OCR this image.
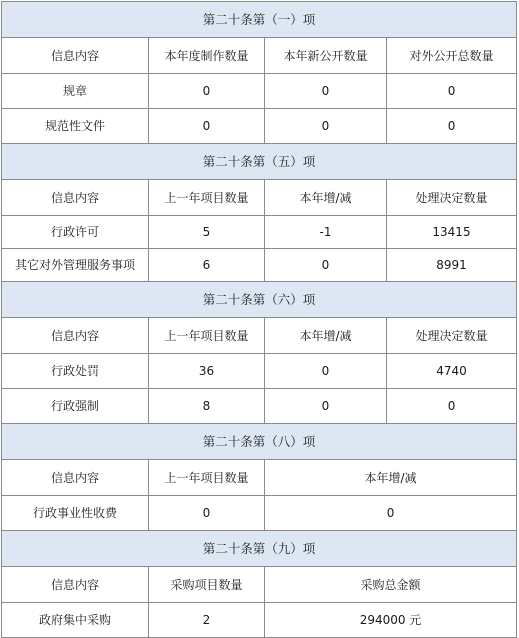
第二十条第（一）项			
信息内容	本年度制作数量	本年新公开数量	对外公开总数量
规章	0	0	0
规范性文件	0	0	0
第二十条第（五）项			
信息内容	上一年项目数量	本年增/减	处理决定数量
行政许可	5	-1	13415
其它对外管理服务事项	6	0	8991
第二十条第（六）项			
信息内容	上一年项目数量	本年增/减	处理决定数量
行政处罚	36	0	4740
行政强制	8	0	0
第二十条第（八）项			
信息内容	上一年项目数量	本年增/减	
行政事业性收费	0	0	
第二十条第（九）项			
信息内容	采购项目数量	采购总金额	
政府集中采购	2	294000 元	
